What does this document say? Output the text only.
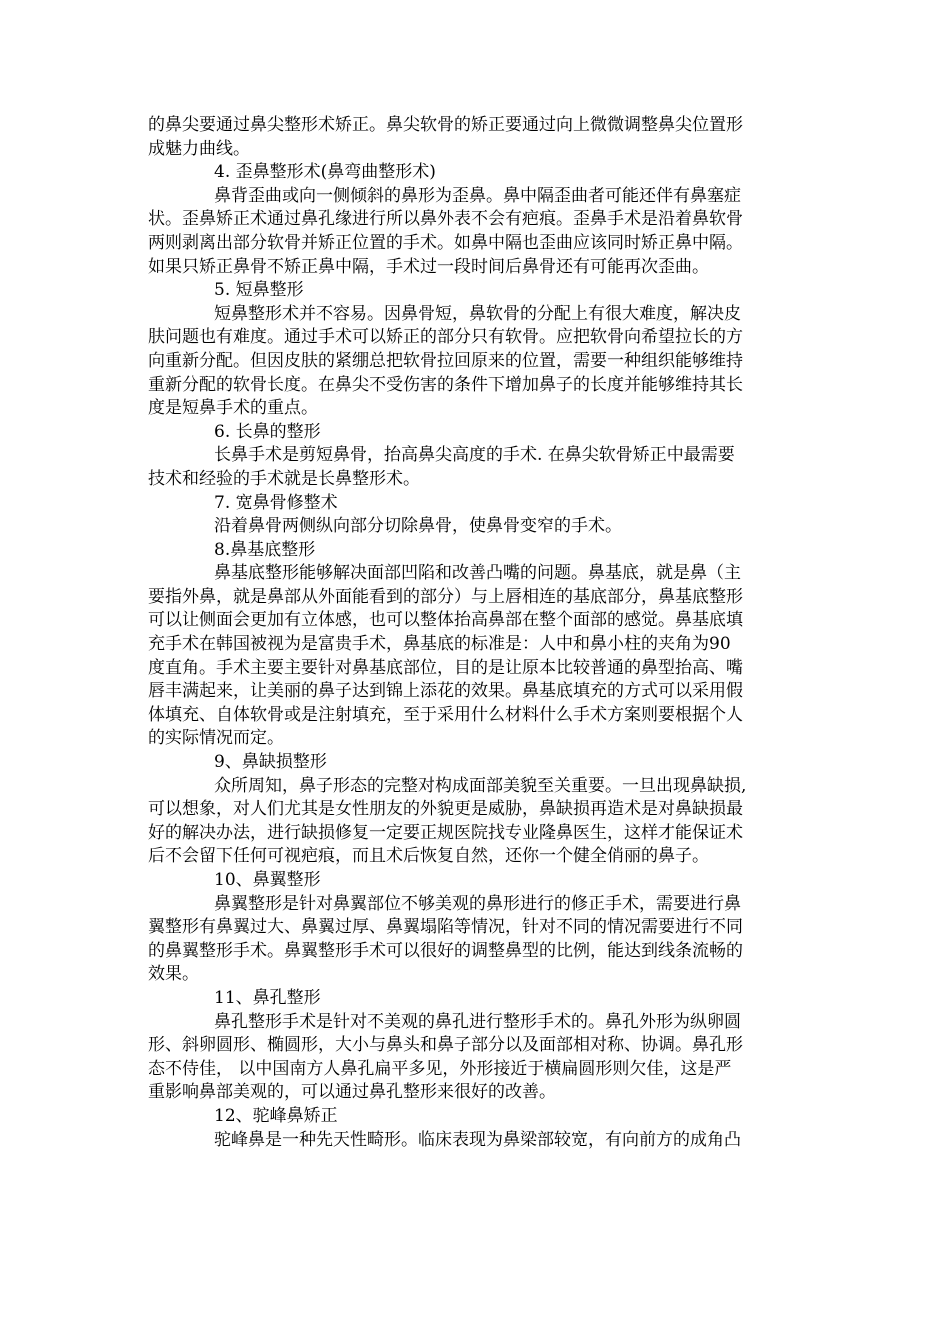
的鼻尖要通过鼻尖整形术矫正。鼻尖软骨的矫正要通过向上微微调整鼻尖位置形
成魅力曲线。
4. 歪鼻整形术(鼻弯曲整形术)
鼻背歪曲或向一侧倾斜的鼻形为歪鼻。鼻中隔歪曲者可能还伴有鼻塞症
状。歪鼻矫正术通过鼻孔缘进行所以鼻外表不会有疤痕。歪鼻手术是沿着鼻软骨
两则剥离出部分软骨并矫正位置的手术。如鼻中隔也歪曲应该同时矫正鼻中隔。
如果只矫正鼻骨不矫正鼻中隔，手术过一段时间后鼻骨还有可能再次歪曲。
5. 短鼻整形
短鼻整形术并不容易。因鼻骨短，鼻软骨的分配上有很大难度，解决皮
肤问题也有难度。通过手术可以矫正的部分只有软骨。应把软骨向希望拉长的方
向重新分配。但因皮肤的紧绷总把软骨拉回原来的位置，需要一种组织能够维持
重新分配的软骨长度。在鼻尖不受伤害的条件下增加鼻子的长度并能够维持其长
度是短鼻手术的重点。
6. 长鼻的整形
长鼻手术是剪短鼻骨，抬高鼻尖高度的手术. 在鼻尖软骨矫正中最需要
技术和经验的手术就是长鼻整形术。
7. 宽鼻骨修整术
沿着鼻骨两侧纵向部分切除鼻骨，使鼻骨变窄的手术。
8.鼻基底整形
鼻基底整形能够解决面部凹陷和改善凸嘴的问题。鼻基底，就是鼻（主
要指外鼻，就是鼻部从外面能看到的部分）与上唇相连的基底部分，鼻基底整形
可以让侧面会更加有立体感，也可以整体抬高鼻部在整个面部的感觉。鼻基底填
充手术在韩国被视为是富贵手术，鼻基底的标准是：人中和鼻小柱的夹角为90
度直角。手术主要主要针对鼻基底部位，目的是让原本比较普通的鼻型抬高、嘴
唇丰满起来，让美丽的鼻子达到锦上添花的效果。鼻基底填充的方式可以采用假
体填充、自体软骨或是注射填充，至于采用什么材料什么手术方案则要根据个人
的实际情况而定。
9、鼻缺损整形
众所周知，鼻子形态的完整对构成面部美貌至关重要。一旦出现鼻缺损,
可以想象，对人们尤其是女性朋友的外貌更是威胁，鼻缺损再造术是对鼻缺损最
好的解决办法，进行缺损修复一定要正规医院找专业隆鼻医生，这样才能保证术
后不会留下任何可视疤痕，而且术后恢复自然，还你一个健全俏丽的鼻子。
10、鼻翼整形
鼻翼整形是针对鼻翼部位不够美观的鼻形进行的修正手术，需要进行鼻
翼整形有鼻翼过大、鼻翼过厚、鼻翼塌陷等情况，针对不同的情况需要进行不同
的鼻翼整形手术。鼻翼整形手术可以很好的调整鼻型的比例，能达到线条流畅的
效果。
11、鼻孔整形
鼻孔整形手术是针对不美观的鼻孔进行整形手术的。鼻孔外形为纵卵圆
形、斜卵圆形、椭圆形，大小与鼻头和鼻子部分以及面部相对称、协调。鼻孔形
态不侍佳， 以中国南方人鼻孔扁平多见，外形接近于横扁圆形则欠佳，这是严
重影响鼻部美观的，可以通过鼻孔整形来很好的改善。
12、驼峰鼻矫正
驼峰鼻是一种先天性畸形。临床表现为鼻梁部较宽，有向前方的成角凸
